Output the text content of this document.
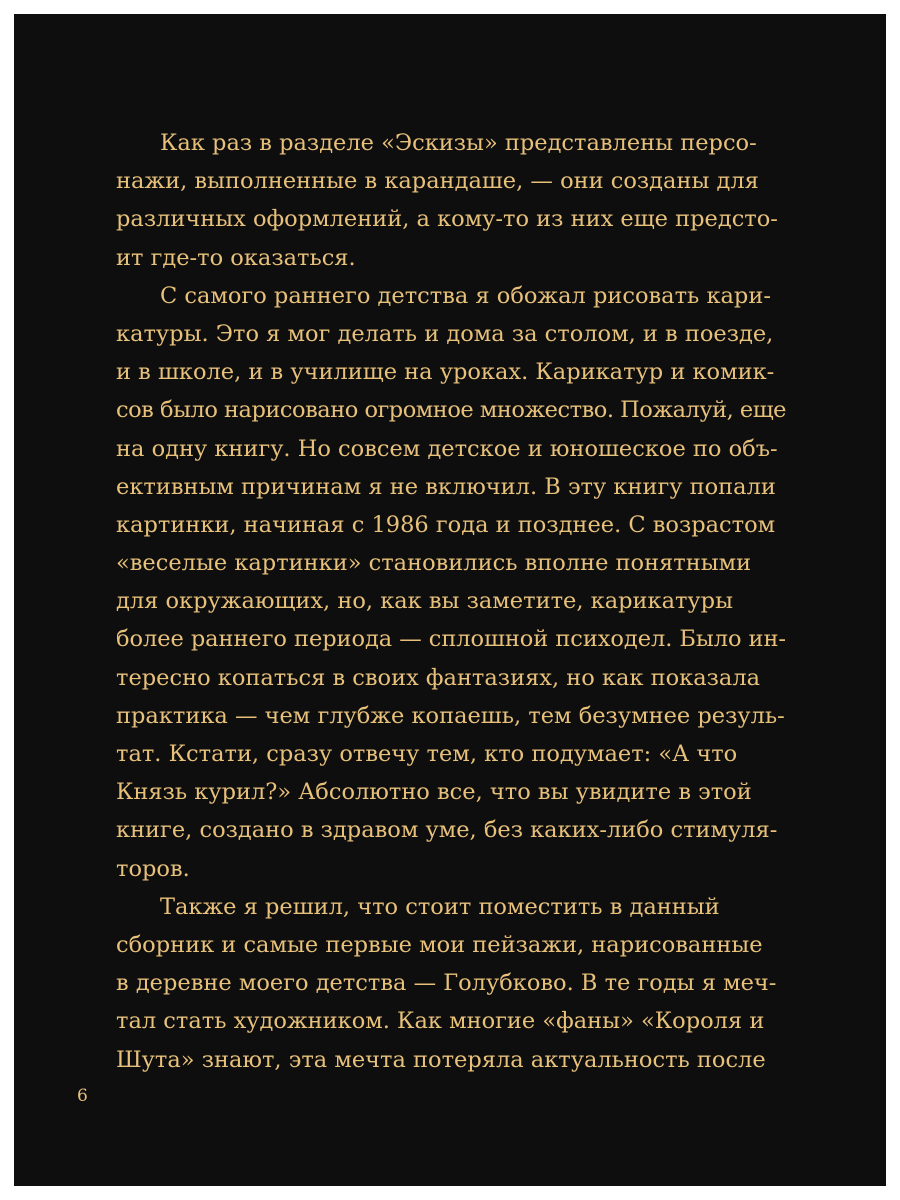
Как раз в разделе «Эскизы» представлены персо-
нажи, выполненные в карандаше, — они созданы для
различных оформлений, а кому-то из них еще предсто-
ит где-то оказаться.
С самого раннего детства я обожал рисовать кари-
катуры. Это я мог делать и дома за столом, и в поезде,
и в школе, и в училище на уроках. Карикатур и комик-
сов было нарисовано огромное множество. Пожалуй, еще
на одну книгу. Но совсем детское и юношеское по объ-
ективным причинам я не включил. В эту книгу попали
картинки, начиная с 1986 года и позднее. С возрастом
«веселые картинки» становились вполне понятными
для окружающих, но, как вы заметите, карикатуры
более раннего периода — сплошной психодел. Было ин-
тересно копаться в своих фантазиях, но как показала
практика — чем глубже копаешь, тем безумнее резуль-
тат. Кстати, сразу отвечу тем, кто подумает: «А что
Князь курил?» Абсолютно все, что вы увидите в этой
книге, создано в здравом уме, без каких-либо стимуля-
торов.
Также я решил, что стоит поместить в данный
сборник и самые первые мои пейзажи, нарисованные
в деревне моего детства — Голубково. В те годы я меч-
тал стать художником. Как многие «фаны» «Короля и
Шута» знают, эта мечта потеряла актуальность после
6
